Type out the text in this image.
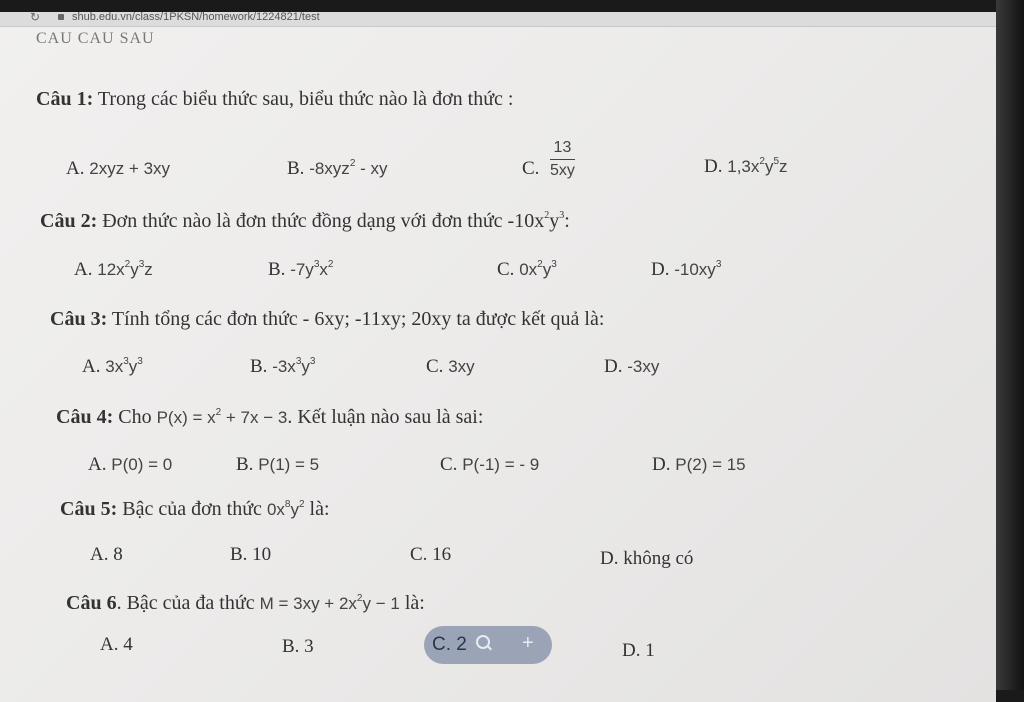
↻	shub.edu.vn/class/1PKSN/homework/1224821/test
CAU CAU SAU
Câu 1: Trong các biểu thức sau, biểu thức nào là đơn thức :
A. 2xyz + 3xy	B. -8xyz$^2$ - xy	C. $\frac{13}{5xy}$	D. $1,3x^2y^5z$
Câu 2: Đơn thức nào là đơn thức đồng dạng với đơn thức $-10x^2y^3$:
A. $12x^2y^3z$	B. $-7y^3x^2$	C. $0x^2y^3$	D. $-10xy^3$
Câu 3: Tính tổng các đơn thức - 6xy; -11xy; 20xy ta được kết quả là:
A. $3x^3y^3$	B. $-3x^3y^3$	C. 3xy	D. -3xy
Câu 4: Cho $P(x) = x^2 + 7x - 3$. Kết luận nào sau là sai:
A. P(0) = 0	B. P(1) = 5	C. P(-1) = - 9	D. P(2) = 15
Câu 5: Bậc của đơn thức $0x^8y^2$ là:
A. 8	B. 10	C. 16	D. không có
Câu 6. Bậc của đa thức $M = 3xy + 2x^2y - 1$ là:
A. 4	B. 3	C. 2	+	D. 1
